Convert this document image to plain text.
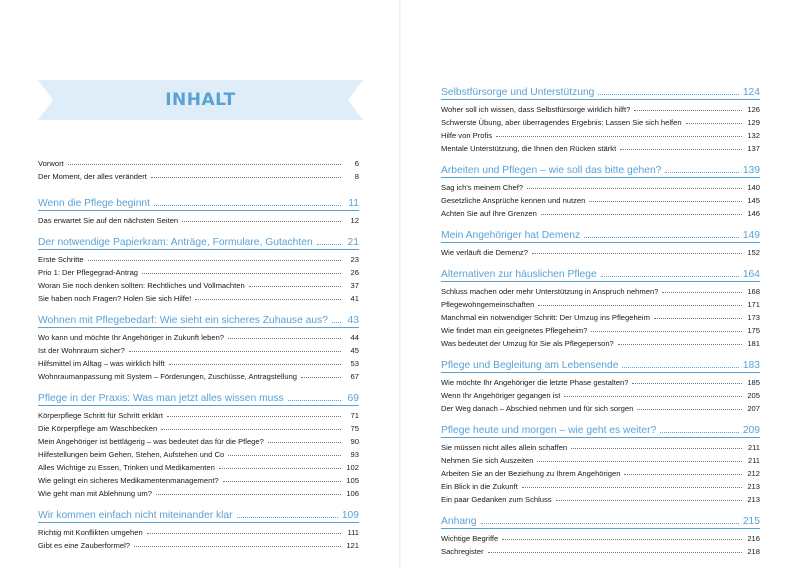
INHALT
Vorwort	6
Der Moment, der alles verändert	8
Wenn die Pflege beginnt	11
Das erwartet Sie auf den nächsten Seiten	12
Der notwendige Papierkram: Anträge, Formulare, Gutachten	21
Erste Schritte	23
Prio 1: Der Pflegegrad-Antrag	26
Woran Sie noch denken sollten: Rechtliches und Vollmachten	37
Sie haben noch Fragen? Holen Sie sich Hilfe!	41
Wohnen mit Pflegebedarf: Wie sieht ein sicheres Zuhause aus? 43
Wo kann und möchte Ihr Angehöriger in Zukunft leben?	44
Ist der Wohnraum sicher?	45
Hilfsmittel im Alltag – was wirklich hilft	53
Wohnraumanpassung mit System – Förderungen, Zuschüsse, Antragstellung	67
Pflege in der Praxis: Was man jetzt alles wissen muss	69
Körperpflege Schritt für Schritt erklärt	71
Die Körperpflege am Waschbecken	75
Mein Angehöriger ist bettlägerig – was bedeutet das für die Pflege?	90
Hilfestellungen beim Gehen, Stehen, Aufstehen und Co	93
Alles Wichtige zu Essen, Trinken und Medikamenten	102
Wie gelingt ein sicheres Medikamentenmanagement?	105
Wie geht man mit Ablehnung um?	106
Wir kommen einfach nicht miteinander klar	109
Richtig mit Konflikten umgehen	111
Gibt es eine Zauberformel?	121
Selbstfürsorge und Unterstützung	124
Woher soll ich wissen, dass Selbstfürsorge wirklich hilft?	126
Schwerste Übung, aber überragendes Ergebnis: Lassen Sie sich helfen	129
Hilfe von Profis	132
Mentale Unterstützung, die Ihnen den Rücken stärkt	137
Arbeiten und Pflegen – wie soll das bitte gehen?	139
Sag ich's meinem Chef?	140
Gesetzliche Ansprüche kennen und nutzen	145
Achten Sie auf Ihre Grenzen	146
Mein Angehöriger hat Demenz	149
Wie verläuft die Demenz?	152
Alternativen zur häuslichen Pflege	164
Schluss machen oder mehr Unterstützung in Anspruch nehmen?	168
Pflegewohngemeinschaften	171
Manchmal ein notwendiger Schritt: Der Umzug ins Pflegeheim	173
Wie findet man ein geeignetes Pflegeheim?	175
Was bedeutet der Umzug für Sie als Pflegeperson?	181
Pflege und Begleitung am Lebensende	183
Wie möchte Ihr Angehöriger die letzte Phase gestalten?	185
Wenn Ihr Angehöriger gegangen ist	205
Der Weg danach – Abschied nehmen und für sich sorgen	207
Pflege heute und morgen – wie geht es weiter?	209
Sie müssen nicht alles allein schaffen	211
Nehmen Sie sich Auszeiten	211
Arbeiten Sie an der Beziehung zu Ihrem Angehörigen	212
Ein Blick in die Zukunft	213
Ein paar Gedanken zum Schluss	213
Anhang	215
Wichtige Begriffe	216
Sachregister	218
